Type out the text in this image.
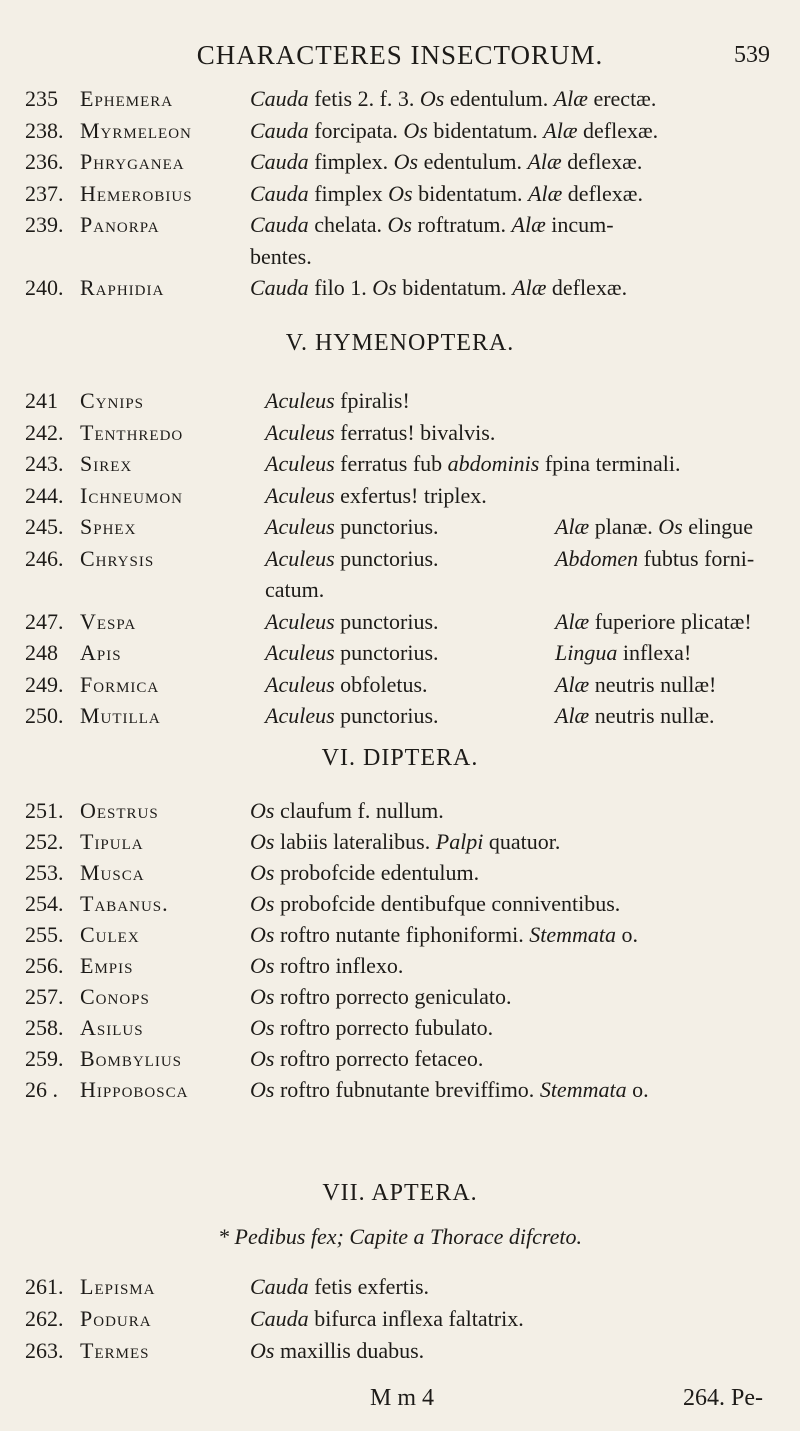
CHARACTERES INSECTORUM.	539
235 Ephemera	Cauda fetis 2. f. 3. Os edentulum. Alæ erectæ.
238. Myrmeleon	Cauda forcipata. Os bidentatum. Alæ deflexæ.
236. Phryganea	Cauda fimplex. Os edentulum. Alæ deflexæ.
237. Hemerobius	Cauda fimplex Os bidentatum. Alæ deflexæ.
239. Panorpa	Cauda chelata. Os roftratum. Alæ incum-
bentes.
240. Raphidia	Cauda filo 1. Os bidentatum. Alæ deflexæ.
V. HYMENOPTERA.
241 Cynips	Aculeus fpiralis!
242. Tenthredo	Aculeus ferratus! bivalvis.
243. Sirex	Aculeus ferratus fub abdominis fpina terminali.
244. Ichneumon	Aculeus exfertus! triplex.
245. Sphex	Aculeus punctorius.	Alæ planæ. Os elingue
246. Chrysis	Aculeus punctorius.	Abdomen fubtus forni-
catum.
247. Vespa	Aculeus punctorius.	Alæ fuperiore plicatæ!
248 Apis	Aculeus punctorius.	Lingua inflexa!
249. Formica	Aculeus obfoletus.	Alæ neutris nullæ!
250. Mutilla	Aculeus punctorius.	Alæ neutris nullæ.
VI. DIPTERA.
251. Oestrus	Os claufum f. nullum.
252. Tipula	Os labiis lateralibus. Palpi quatuor.
253. Musca	Os probofcide edentulum.
254. Tabanus.	Os probofcide dentibufque conniventibus.
255. Culex	Os roftro nutante fiphoniformi. Stemmata o.
256. Empis	Os roftro inflexo.
257. Conops	Os roftro porrecto geniculato.
258. Asilus	Os roftro porrecto fubulato.
259. Bombylius	Os roftro porrecto fetaceo.
26 . Hippobosca	Os roftro fubnutante breviffimo. Stemmata o.
VII. APTERA.
* Pedibus fex; Capite a Thorace difcreto.
261. Lepisma	Cauda fetis exfertis.
262. Podura	Cauda bifurca inflexa faltatrix.
263. Termes	Os maxillis duabus.
M m 4	264. Pe-
